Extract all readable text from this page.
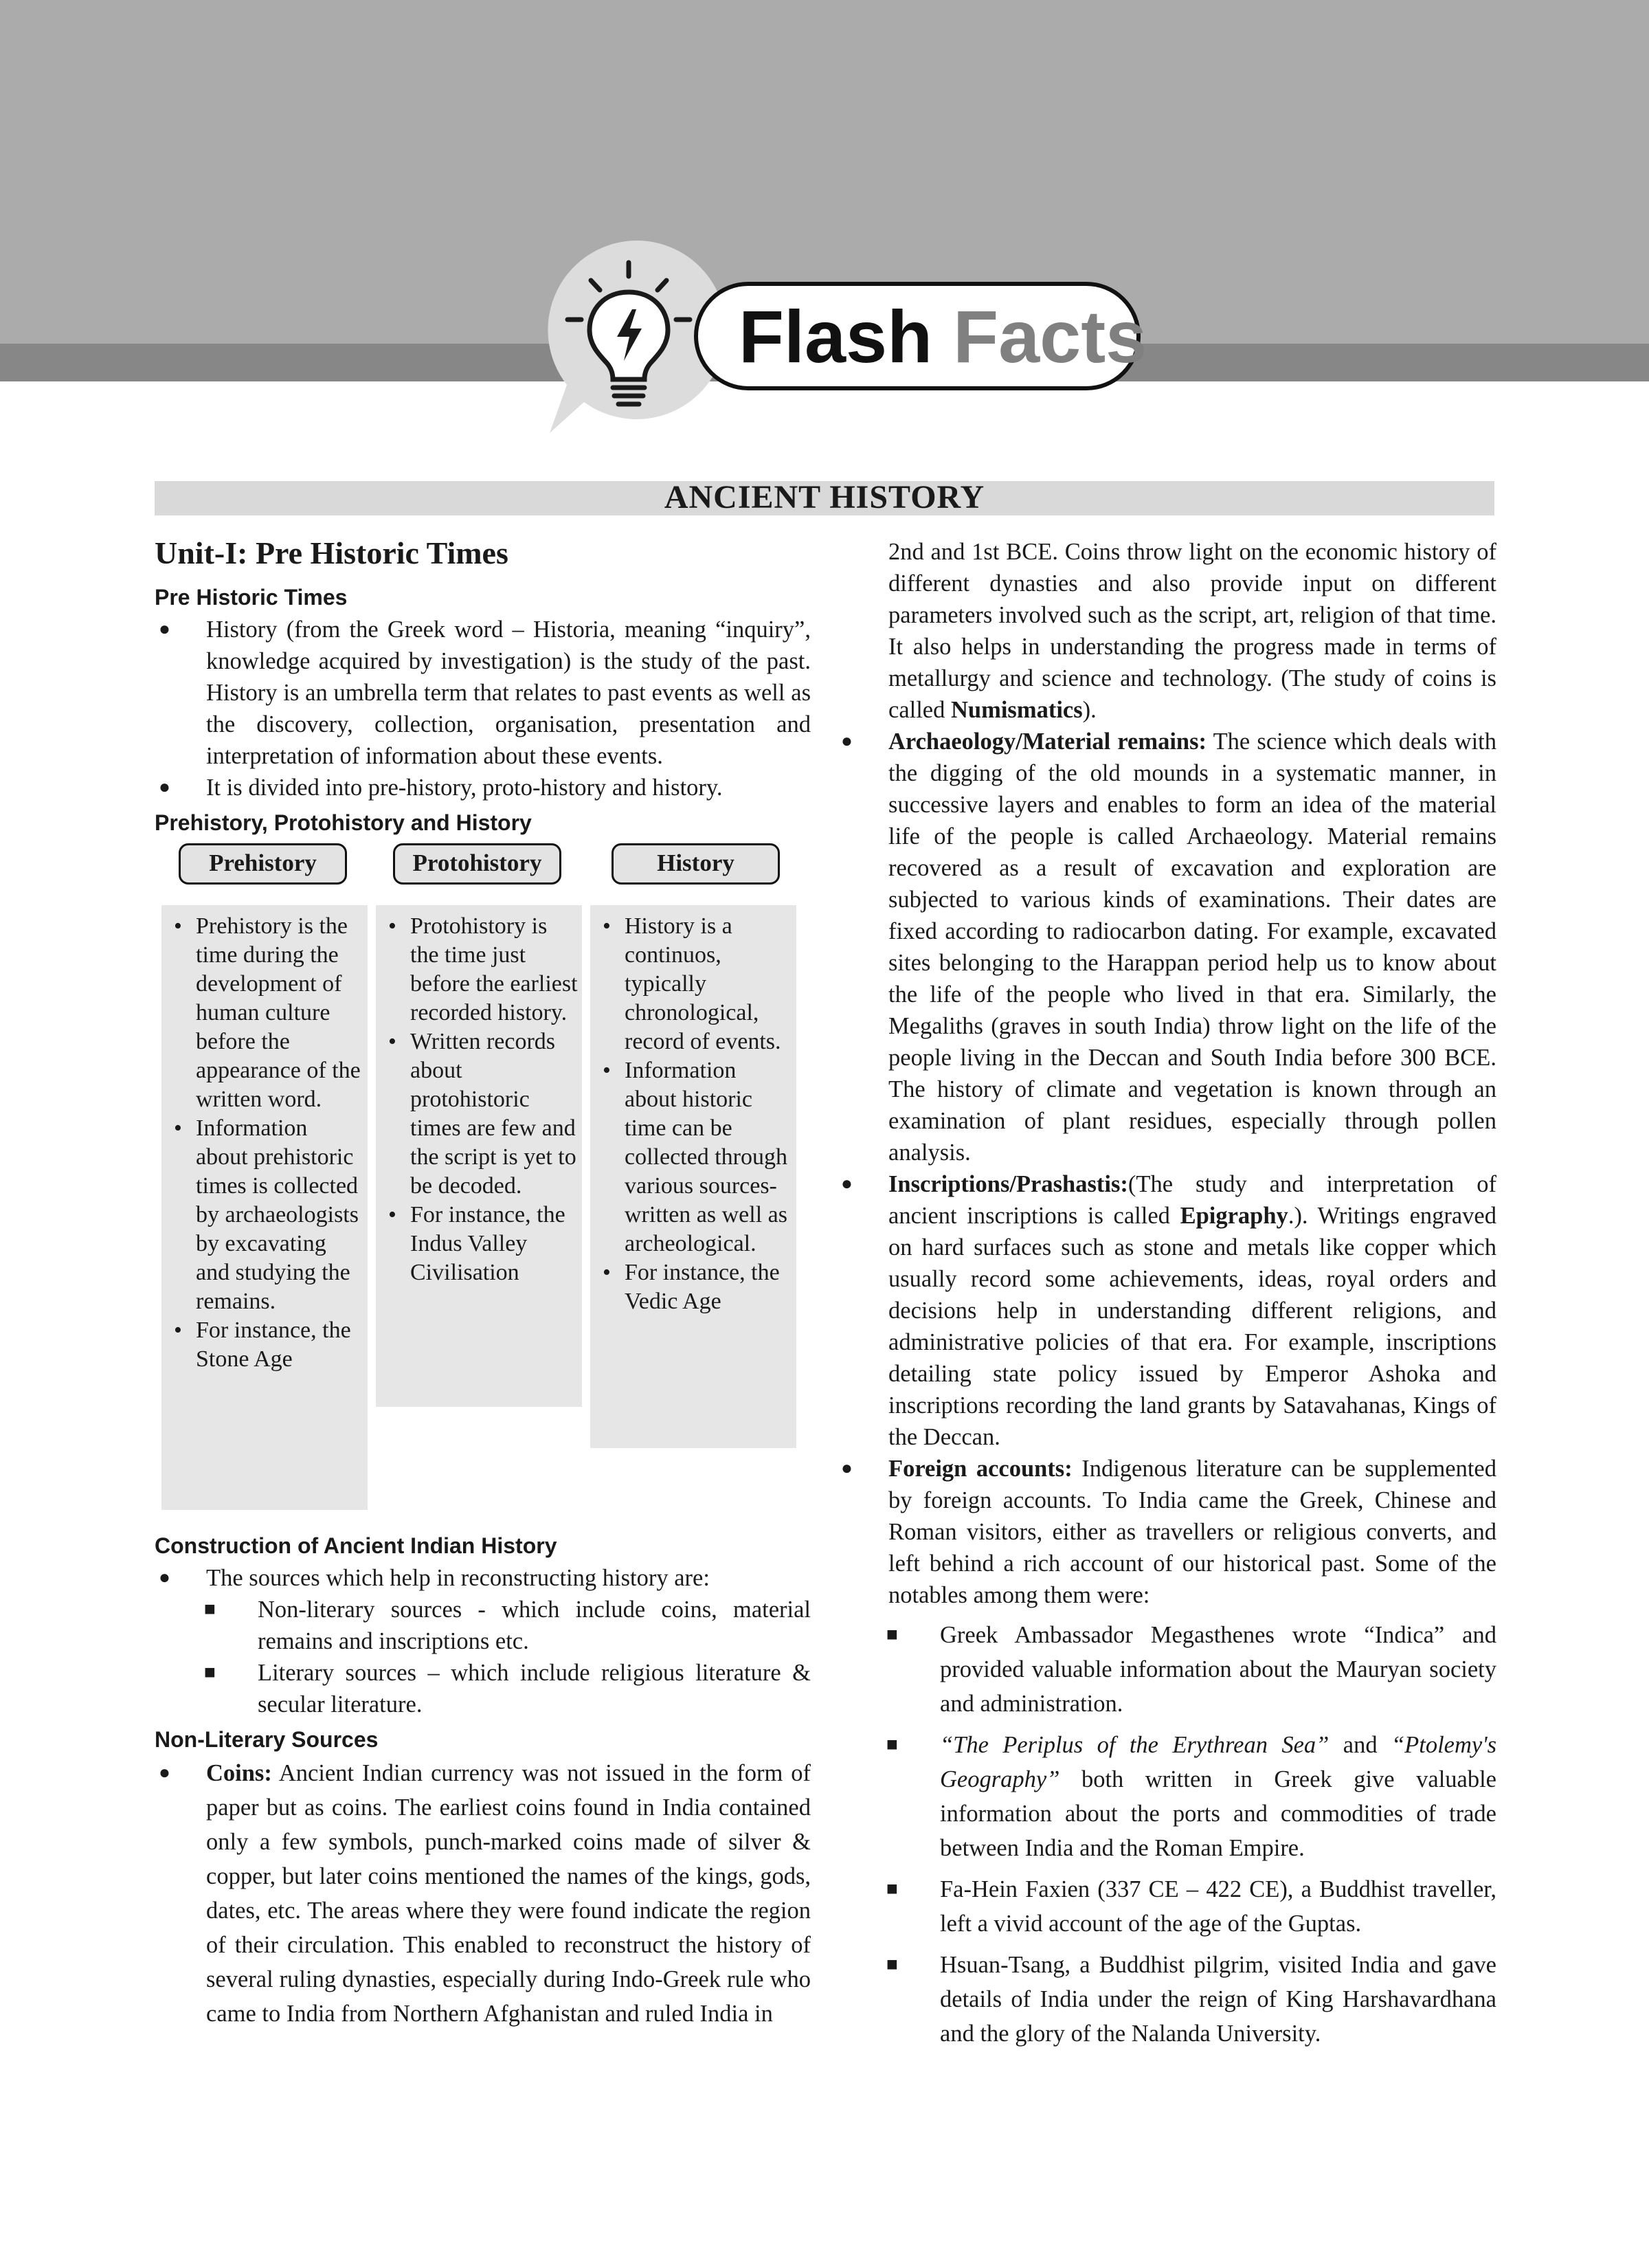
Flash Facts
ANCIENT HISTORY
Unit-I: Pre Historic Times
Pre Historic Times

● History (from the Greek word – Historia, meaning “inquiry”, knowledge acquired by investigation) is the study of the past. History is an umbrella term that relates to past events as well as the discovery, collection, organisation, presentation and interpretation of information about these events.

● It is divided into pre-history, proto-history and history.

Prehistory, Protohistory and History
Prehistory	Protohistory	History
• Prehistory is the time during the development of human culture before the appearance of the written word.
• Information about prehistoric times is collected by archaeologists by excavating and studying the remains.
• For instance, the Stone Age
• Protohistory is the time just before the earliest recorded history.
• Written records about protohistoric times are few and the script is yet to be decoded.
• For instance, the Indus Valley Civilisation
• History is a continuos, typically chronological, record of events.
• Information about historic time can be collected through various sources- written as well as archeological.
• For instance, the Vedic Age
Construction of Ancient Indian History

● The sources which help in reconstructing history are:

■ Non-literary sources - which include coins, material remains and inscriptions etc.

■ Literary sources – which include religious literature & secular literature.

Non-Literary Sources

● Coins: Ancient Indian currency was not issued in the form of paper but as coins. The earliest coins found in India contained only a few symbols, punch-marked coins made of silver & copper, but later coins mentioned the names of the kings, gods, dates, etc. The areas where they were found indicate the region of their circulation. This enabled to reconstruct the history of several ruling dynasties, especially during Indo-Greek rule who came to India from Northern Afghanistan and ruled India in

2nd and 1st BCE. Coins throw light on the economic history of different dynasties and also provide input on different parameters involved such as the script, art, religion of that time. It also helps in understanding the progress made in terms of metallurgy and science and technology. (The study of coins is called Numismatics).

● Archaeology/Material remains: The science which deals with the digging of the old mounds in a systematic manner, in successive layers and enables to form an idea of the material life of the people is called Archaeology. Material remains recovered as a result of excavation and exploration are subjected to various kinds of examinations. Their dates are fixed according to radiocarbon dating. For example, excavated sites belonging to the Harappan period help us to know about the life of the people who lived in that era. Similarly, the Megaliths (graves in south India) throw light on the life of the people living in the Deccan and South India before 300 BCE. The history of climate and vegetation is known through an examination of plant residues, especially through pollen analysis.

● Inscriptions/Prashastis:(The study and interpretation of ancient inscriptions is called Epigraphy.). Writings engraved on hard surfaces such as stone and metals like copper which usually record some achievements, ideas, royal orders and decisions help in understanding different religions, and administrative policies of that era. For example, inscriptions detailing state policy issued by Emperor Ashoka and inscriptions recording the land grants by Satavahanas, Kings of the Deccan.

● Foreign accounts: Indigenous literature can be supplemented by foreign accounts. To India came the Greek, Chinese and Roman visitors, either as travellers or religious converts, and left behind a rich account of our historical past. Some of the notables among them were:

■ Greek Ambassador Megasthenes wrote “Indica” and provided valuable information about the Mauryan society and administration.

■ “The Periplus of the Erythrean Sea” and “Ptolemy's Geography” both written in Greek give valuable information about the ports and commodities of trade between India and the Roman Empire.

■ Fa-Hein Faxien (337 CE – 422 CE), a Buddhist traveller, left a vivid account of the age of the Guptas.

■ Hsuan-Tsang, a Buddhist pilgrim, visited India and gave details of India under the reign of King Harshavardhana and the glory of the Nalanda University.
